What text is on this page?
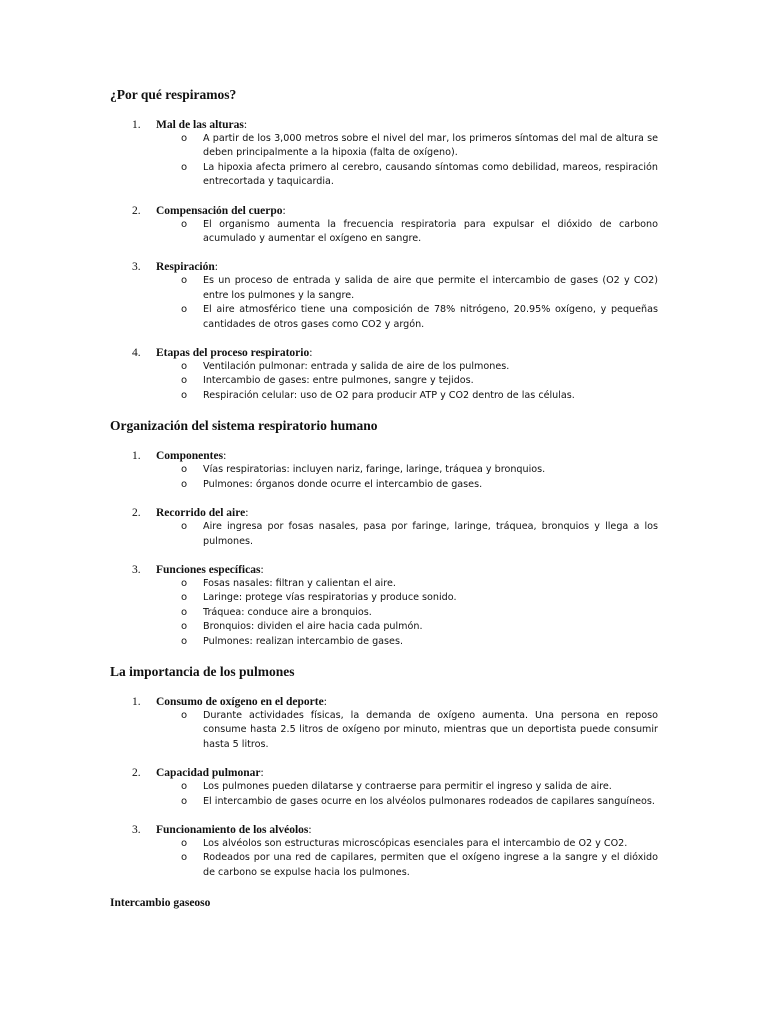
¿Por qué respiramos?
1. Mal de las alturas:
o A partir de los 3,000 metros sobre el nivel del mar, los primeros síntomas del mal de altura se deben principalmente a la hipoxia (falta de oxígeno).
o La hipoxia afecta primero al cerebro, causando síntomas como debilidad, mareos, respiración entrecortada y taquicardia.
2. Compensación del cuerpo:
o El organismo aumenta la frecuencia respiratoria para expulsar el dióxido de carbono acumulado y aumentar el oxígeno en sangre.
3. Respiración:
o Es un proceso de entrada y salida de aire que permite el intercambio de gases (O2 y CO2) entre los pulmones y la sangre.
o El aire atmosférico tiene una composición de 78% nitrógeno, 20.95% oxígeno, y pequeñas cantidades de otros gases como CO2 y argón.
4. Etapas del proceso respiratorio:
o Ventilación pulmonar: entrada y salida de aire de los pulmones.
o Intercambio de gases: entre pulmones, sangre y tejidos.
o Respiración celular: uso de O2 para producir ATP y CO2 dentro de las células.
Organización del sistema respiratorio humano
1. Componentes:
o Vías respiratorias: incluyen nariz, faringe, laringe, tráquea y bronquios.
o Pulmones: órganos donde ocurre el intercambio de gases.
2. Recorrido del aire:
o Aire ingresa por fosas nasales, pasa por faringe, laringe, tráquea, bronquios y llega a los pulmones.
3. Funciones específicas:
o Fosas nasales: filtran y calientan el aire.
o Laringe: protege vías respiratorias y produce sonido.
o Tráquea: conduce aire a bronquios.
o Bronquios: dividen el aire hacia cada pulmón.
o Pulmones: realizan intercambio de gases.
La importancia de los pulmones
1. Consumo de oxígeno en el deporte:
o Durante actividades físicas, la demanda de oxígeno aumenta. Una persona en reposo consume hasta 2.5 litros de oxígeno por minuto, mientras que un deportista puede consumir hasta 5 litros.
2. Capacidad pulmonar:
o Los pulmones pueden dilatarse y contraerse para permitir el ingreso y salida de aire.
o El intercambio de gases ocurre en los alvéolos pulmonares rodeados de capilares sanguíneos.
3. Funcionamiento de los alvéolos:
o Los alvéolos son estructuras microscópicas esenciales para el intercambio de O2 y CO2.
o Rodeados por una red de capilares, permiten que el oxígeno ingrese a la sangre y el dióxido de carbono se expulse hacia los pulmones.
Intercambio gaseoso
